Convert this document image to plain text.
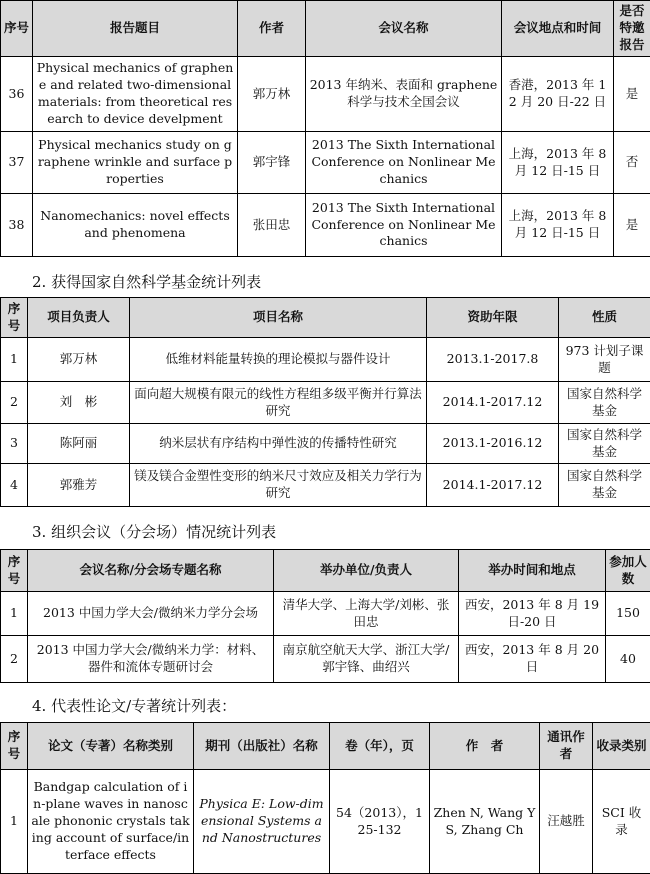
序号	报告题目	作者	会议名称	会议地点和时间	是否特邀报告
36	Physical mechanics of graphene and related two-dimensional materials: from theoretical research to device develpment	郭万林	2013 年纳米、表面和 graphene 科学与技术全国会议	香港，2013 年 12 月 20 日-22 日	是
37	Physical mechanics study on graphene wrinkle and surface properties	郭宇锋	2013 The Sixth International Conference on Nonlinear Mechanics	上海，2013 年 8 月 12 日-15 日	否
38	Nanomechanics: novel effects and phenomena	张田忠	2013 The Sixth International Conference on Nonlinear Mechanics	上海，2013 年 8 月 12 日-15 日	是
2. 获得国家自然科学基金统计列表
序号	项目负责人	项目名称	资助年限	性质
1	郭万林	低维材料能量转换的理论模拟与器件设计	2013.1-2017.8	973 计划子课题
2	刘　彬	面向超大规模有限元的线性方程组多级平衡并行算法研究	2014.1-2017.12	国家自然科学基金
3	陈阿丽	纳米层状有序结构中弹性波的传播特性研究	2013.1-2016.12	国家自然科学基金
4	郭雅芳	镁及镁合金塑性变形的纳米尺寸效应及相关力学行为研究	2014.1-2017.12	国家自然科学基金
3. 组织会议（分会场）情况统计列表
序号	会议名称/分会场专题名称	举办单位/负责人	举办时间和地点	参加人数
1	2013 中国力学大会/微纳米力学分会场	清华大学、上海大学/刘彬、张田忠	西安，2013 年 8 月 19 日-20 日	150
2	2013 中国力学大会/微纳米力学：材料、器件和流体专题研讨会	南京航空航天大学、浙江大学/郭宇锋、曲绍兴	西安，2013 年 8 月 20 日	40
4. 代表性论文/专著统计列表：
序号	论文（专著）名称类别	期刊（出版社）名称	卷（年），页	作　者	通讯作者	收录类别
1	Bandgap calculation of in-plane waves in nanoscale phononic crystals taking account of surface/interface effects	Physica E: Low-dimensional Systems and Nanostructures	54（2013），125-132	Zhen N, Wang Y S, Zhang Ch	汪越胜	SCI 收录
